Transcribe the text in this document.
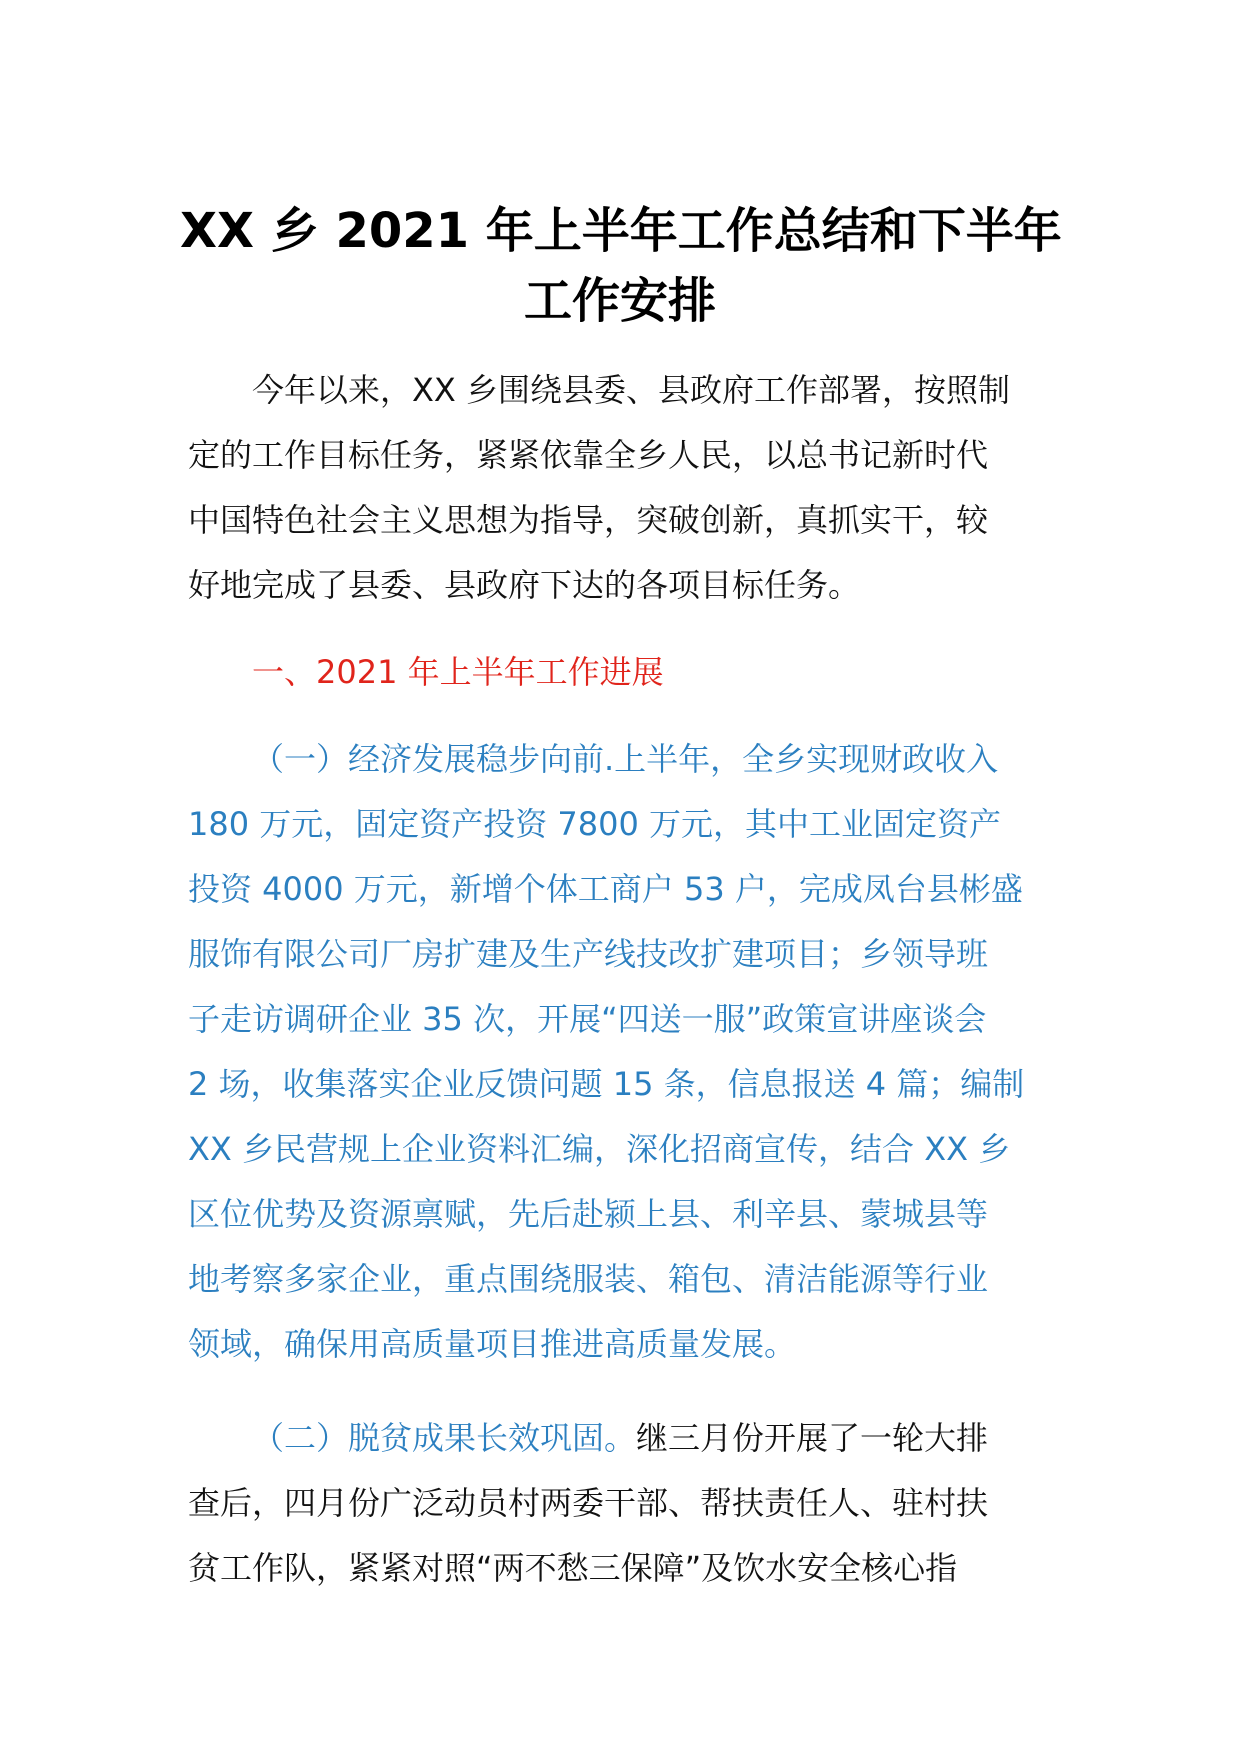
XX 乡 2021 年上半年工作总结和下半年
工作安排
今年以来，XX 乡围绕县委、县政府工作部署，按照制
定的工作目标任务，紧紧依靠全乡人民，以总书记新时代
中国特色社会主义思想为指导，突破创新，真抓实干，较
好地完成了县委、县政府下达的各项目标任务。
一、2021 年上半年工作进展
（一）经济发展稳步向前.上半年，全乡实现财政收入
180 万元，固定资产投资 7800 万元，其中工业固定资产
投资 4000 万元，新增个体工商户 53 户，完成凤台县彬盛
服饰有限公司厂房扩建及生产线技改扩建项目；乡领导班
子走访调研企业 35 次，开展“四送一服”政策宣讲座谈会
2 场，收集落实企业反馈问题 15 条，信息报送 4 篇；编制
XX 乡民营规上企业资料汇编，深化招商宣传，结合 XX 乡
区位优势及资源禀赋，先后赴颍上县、利辛县、蒙城县等
地考察多家企业，重点围绕服装、箱包、清洁能源等行业
领域，确保用高质量项目推进高质量发展。
（二）脱贫成果长效巩固。继三月份开展了一轮大排
查后，四月份广泛动员村两委干部、帮扶责任人、驻村扶
贫工作队，紧紧对照“两不愁三保障”及饮水安全核心指
